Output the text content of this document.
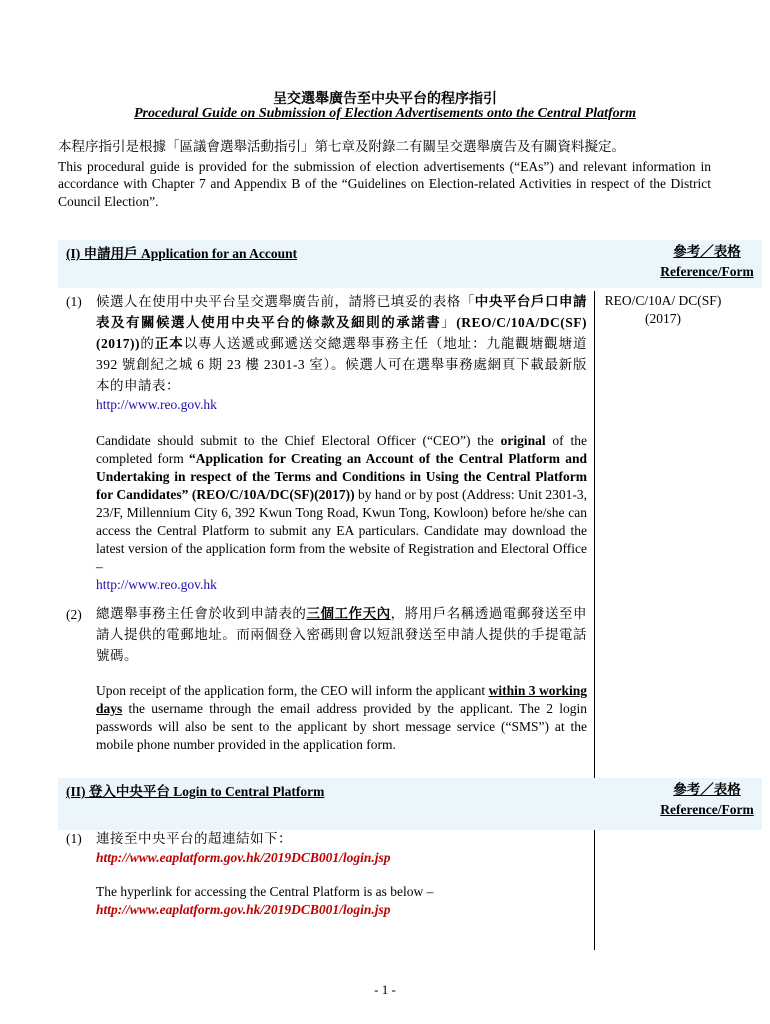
呈交選舉廣告至中央平台的程序指引
Procedural Guide on Submission of Election Advertisements onto the Central Platform
本程序指引是根據「區議會選舉活動指引」第七章及附錄二有關呈交選舉廣告及有關資料擬定。
This procedural guide is provided for the submission of election advertisements (“EAs”) and relevant information in accordance with Chapter 7 and Appendix B of the “Guidelines on Election-related Activities in respect of the District Council Election”.
(I) 申請用戶 Application for an Account	參考／表格
Reference/Form
(1) 候選人在使用中央平台呈交選舉廣告前，請將已填妥的表格「中央平台戶口申請表及有關候選人使用中央平台的條款及細則的承諾書」(REO/C/10A/DC(SF)(2017))的正本以專人送遞或郵遞送交總選舉事務主任（地址：九龍觀塘觀塘道 392 號創紀之城 6 期 23 樓 2301-3 室）。候選人可在選舉事務處網頁下載最新版本的申請表：

http://www.reo.gov.hk

Candidate should submit to the Chief Electoral Officer (“CEO”) the original of the completed form “Application for Creating an Account of the Central Platform and Undertaking in respect of the Terms and Conditions in Using the Central Platform for Candidates” (REO/C/10A/DC(SF)(2017)) by hand or by post (Address: Unit 2301-3, 23/F, Millennium City 6, 392 Kwun Tong Road, Kwun Tong, Kowloon) before he/she can access the Central Platform to submit any EA particulars. Candidate may download the latest version of the application form from the website of Registration and Electoral Office –

http://www.reo.gov.hk

REO/C/10A/ DC(SF)(2017)
(2) 總選舉事務主任會於收到申請表的三個工作天內，將用戶名稱透過電郵發送至申請人提供的電郵地址。而兩個登入密碼則會以短訊發送至申請人提供的手提電話號碼。

Upon receipt of the application form, the CEO will inform the applicant within 3 working days the username through the email address provided by the applicant. The 2 login passwords will also be sent to the applicant by short message service (“SMS”) at the mobile phone number provided in the application form.

(II) 登入中央平台 Login to Central Platform	參考／表格
Reference/Form
(1) 連接至中央平台的超連結如下：

http://www.eaplatform.gov.hk/2019DCB001/login.jsp

The hyperlink for accessing the Central Platform is as below –

http://www.eaplatform.gov.hk/2019DCB001/login.jsp

- 1 -
